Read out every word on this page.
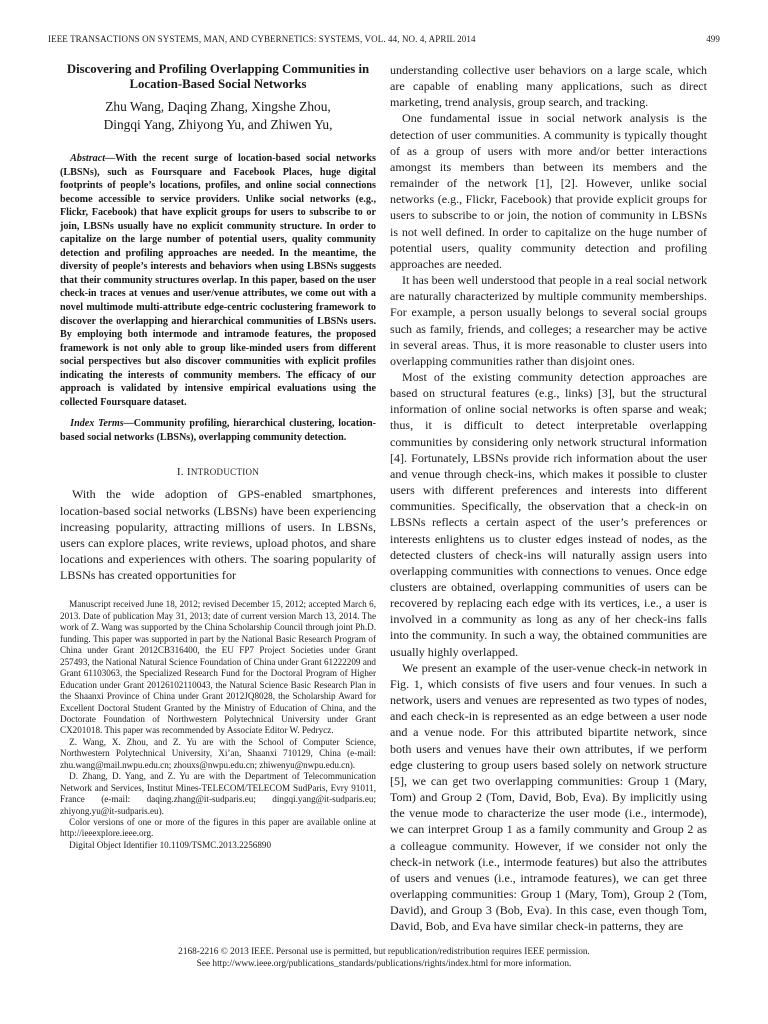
IEEE TRANSACTIONS ON SYSTEMS, MAN, AND CYBERNETICS: SYSTEMS, VOL. 44, NO. 4, APRIL 2014	499
Discovering and Profiling Overlapping Communities in Location-Based Social Networks
Zhu Wang, Daqing Zhang, Xingshe Zhou,
Dingqi Yang, Zhiyong Yu, and Zhiwen Yu,

Abstract—With the recent surge of location-based social networks (LBSNs), such as Foursquare and Facebook Places, huge digital footprints of people’s locations, profiles, and online social connections become accessible to service providers. Unlike social networks (e.g., Flickr, Facebook) that have explicit groups for users to subscribe to or join, LBSNs usually have no explicit community structure. In order to capitalize on the large number of potential users, quality community detection and profiling approaches are needed. In the meantime, the diversity of people’s interests and behaviors when using LBSNs suggests that their community structures overlap. In this paper, based on the user check-in traces at venues and user/venue attributes, we come out with a novel multimode multi-attribute edge-centric coclustering framework to discover the overlapping and hierarchical communities of LBSNs users. By employing both intermode and intramode features, the proposed framework is not only able to group like-minded users from different social perspectives but also discover communities with explicit profiles indicating the interests of community members. The efficacy of our approach is validated by intensive empirical evaluations using the collected Foursquare dataset.

Index Terms—Community profiling, hierarchical clustering, location-based social networks (LBSNs), overlapping community detection.

I. INTRODUCTION

With the wide adoption of GPS-enabled smartphones, location-based social networks (LBSNs) have been experiencing increasing popularity, attracting millions of users. In LBSNs, users can explore places, write reviews, upload photos, and share locations and experiences with others. The soaring popularity of LBSNs has created opportunities for

Manuscript received June 18, 2012; revised December 15, 2012; accepted March 6, 2013. Date of publication May 31, 2013; date of current version March 13, 2014. The work of Z. Wang was supported by the China Scholarship Council through joint Ph.D. funding. This paper was supported in part by the National Basic Research Program of China under Grant 2012CB316400, the EU FP7 Project Societies under Grant 257493, the National Natural Science Foundation of China under Grant 61222209 and Grant 61103063, the Specialized Research Fund for the Doctoral Program of Higher Education under Grant 20126102110043, the Natural Science Basic Research Plan in the Shaanxi Province of China under Grant 2012JQ8028, the Scholarship Award for Excellent Doctoral Student Granted by the Ministry of Education of China, and the Doctorate Foundation of Northwestern Polytechnical University under Grant CX201018. This paper was recommended by Associate Editor W. Pedrycz.

Z. Wang, X. Zhou, and Z. Yu are with the School of Computer Science, Northwestern Polytechnical University, Xi’an, Shaanxi 710129, China (e-mail: zhu.wang@mail.nwpu.edu.cn; zhouxs@nwpu.edu.cn; zhiwenyu@nwpu.edu.cn).

D. Zhang, D. Yang, and Z. Yu are with the Department of Telecommunication Network and Services, Institut Mines-TELECOM/TELECOM SudParis, Evry 91011, France (e-mail: daqing.zhang@it-sudparis.eu; dingqi.yang@it-sudparis.eu; zhiyong.yu@it-sudparis.eu).

Color versions of one or more of the figures in this paper are available online at http://ieeexplore.ieee.org.

Digital Object Identifier 10.1109/TSMC.2013.2256890

understanding collective user behaviors on a large scale, which are capable of enabling many applications, such as direct marketing, trend analysis, group search, and tracking.

One fundamental issue in social network analysis is the detection of user communities. A community is typically thought of as a group of users with more and/or better interactions amongst its members than between its members and the remainder of the network [1], [2]. However, unlike social networks (e.g., Flickr, Facebook) that provide explicit groups for users to subscribe to or join, the notion of community in LBSNs is not well defined. In order to capitalize on the huge number of potential users, quality community detection and profiling approaches are needed.

It has been well understood that people in a real social network are naturally characterized by multiple community memberships. For example, a person usually belongs to several social groups such as family, friends, and colleges; a researcher may be active in several areas. Thus, it is more reasonable to cluster users into overlapping communities rather than disjoint ones.

Most of the existing community detection approaches are based on structural features (e.g., links) [3], but the structural information of online social networks is often sparse and weak; thus, it is difficult to detect interpretable overlapping communities by considering only network structural information [4]. Fortunately, LBSNs provide rich information about the user and venue through check-ins, which makes it possible to cluster users with different preferences and interests into different communities. Specifically, the observation that a check-in on LBSNs reflects a certain aspect of the user’s preferences or interests enlightens us to cluster edges instead of nodes, as the detected clusters of check-ins will naturally assign users into overlapping communities with connections to venues. Once edge clusters are obtained, overlapping communities of users can be recovered by replacing each edge with its vertices, i.e., a user is involved in a community as long as any of her check-ins falls into the community. In such a way, the obtained communities are usually highly overlapped.

We present an example of the user-venue check-in network in Fig. 1, which consists of five users and four venues. In such a network, users and venues are represented as two types of nodes, and each check-in is represented as an edge between a user node and a venue node. For this attributed bipartite network, since both users and venues have their own attributes, if we perform edge clustering to group users based solely on network structure [5], we can get two overlapping communities: Group 1 (Mary, Tom) and Group 2 (Tom, David, Bob, Eva). By implicitly using the venue mode to characterize the user mode (i.e., intermode), we can interpret Group 1 as a family community and Group 2 as a colleague community. However, if we consider not only the check-in network (i.e., intermode features) but also the attributes of users and venues (i.e., intramode features), we can get three overlapping communities: Group 1 (Mary, Tom), Group 2 (Tom, David), and Group 3 (Bob, Eva). In this case, even though Tom, David, Bob, and Eva have similar check-in patterns, they are

2168-2216 © 2013 IEEE. Personal use is permitted, but republication/redistribution requires IEEE permission.
See http://www.ieee.org/publications_standards/publications/rights/index.html for more information.
